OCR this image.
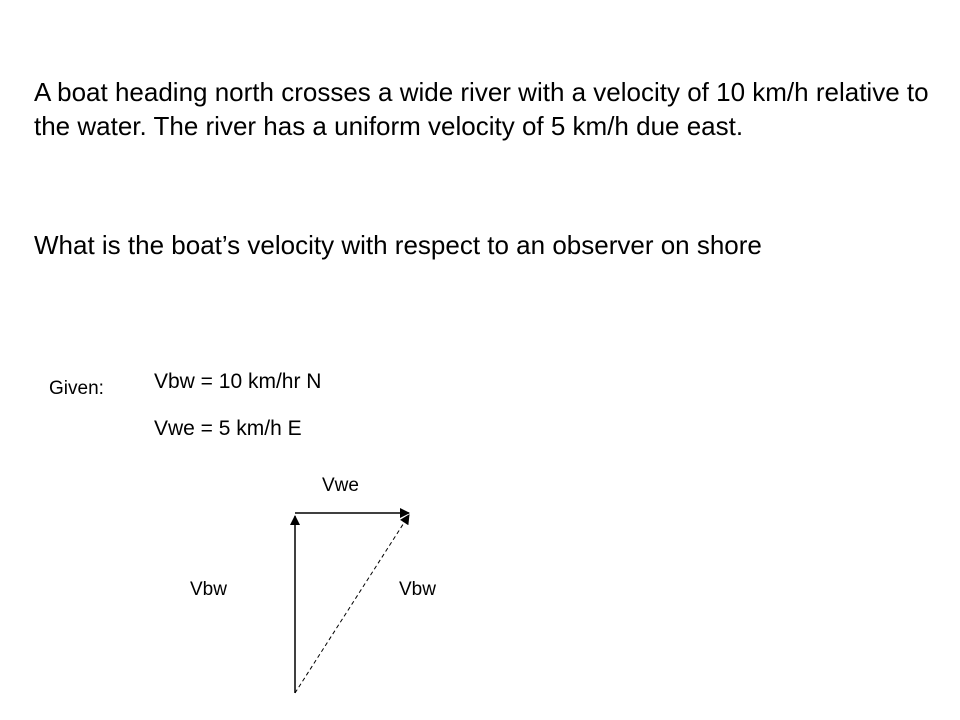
A boat heading north crosses a wide river with a velocity of 10 km/h relative to the water. The river has a uniform velocity of 5 km/h due east.

What is the boat’s velocity with respect to an observer on shore

Given: Vbw = 10 km/hr N

Vwe = 5 km/h E

Vwe

Vbw	Vbw
